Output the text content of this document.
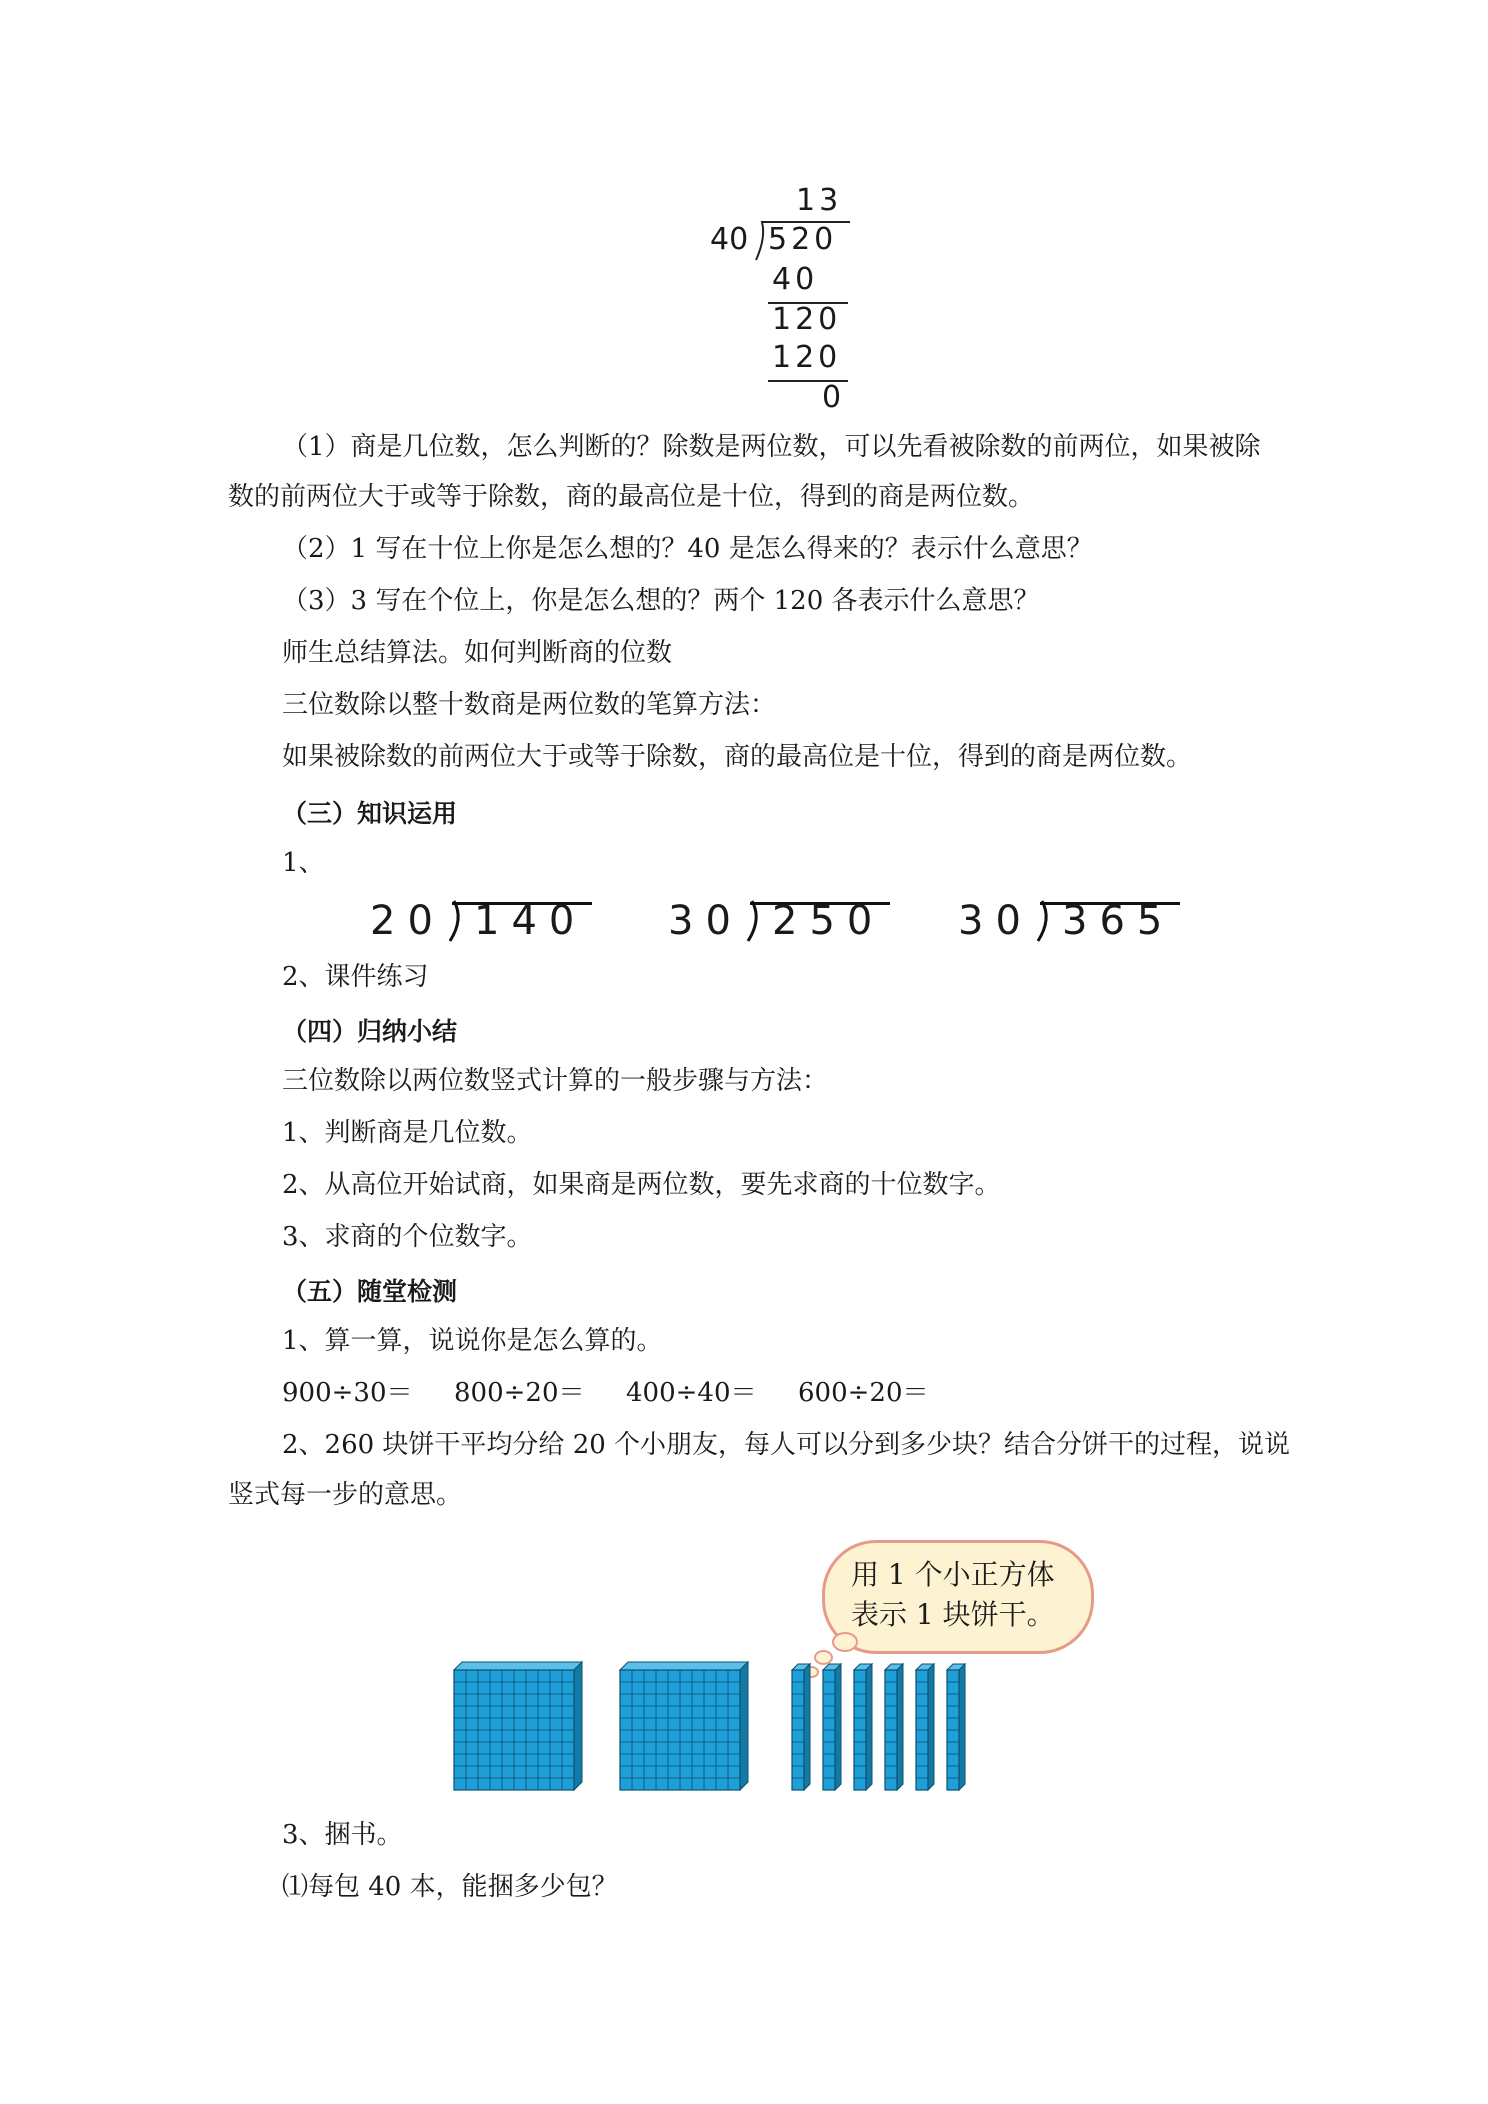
13
40 520
40
120
120
0
（1）商是几位数，怎么判断的？除数是两位数，可以先看被除数的前两位，如果被除
数的前两位大于或等于除数，商的最高位是十位，得到的商是两位数。
（2）1 写在十位上你是怎么想的？40 是怎么得来的？表示什么意思？
（3）3 写在个位上，你是怎么想的？两个 120 各表示什么意思？
师生总结算法。如何判断商的位数
三位数除以整十数商是两位数的笔算方法：
如果被除数的前两位大于或等于除数，商的最高位是十位，得到的商是两位数。
（三）知识运用
1、
20 140 30 250 30 365
2、课件练习
（四）归纳小结
三位数除以两位数竖式计算的一般步骤与方法：
1、判断商是几位数。
2、从高位开始试商，如果商是两位数，要先求商的十位数字。
3、求商的个位数字。
（五）随堂检测
1、算一算，说说你是怎么算的。
900÷30＝ 800÷20＝ 400÷40＝ 600÷20＝
2、260 块饼干平均分给 20 个小朋友，每人可以分到多少块？结合分饼干的过程，说说
竖式每一步的意思。
用 1 个小正方体
表示 1 块饼干。
3、捆书。
⑴每包 40 本，能捆多少包？
